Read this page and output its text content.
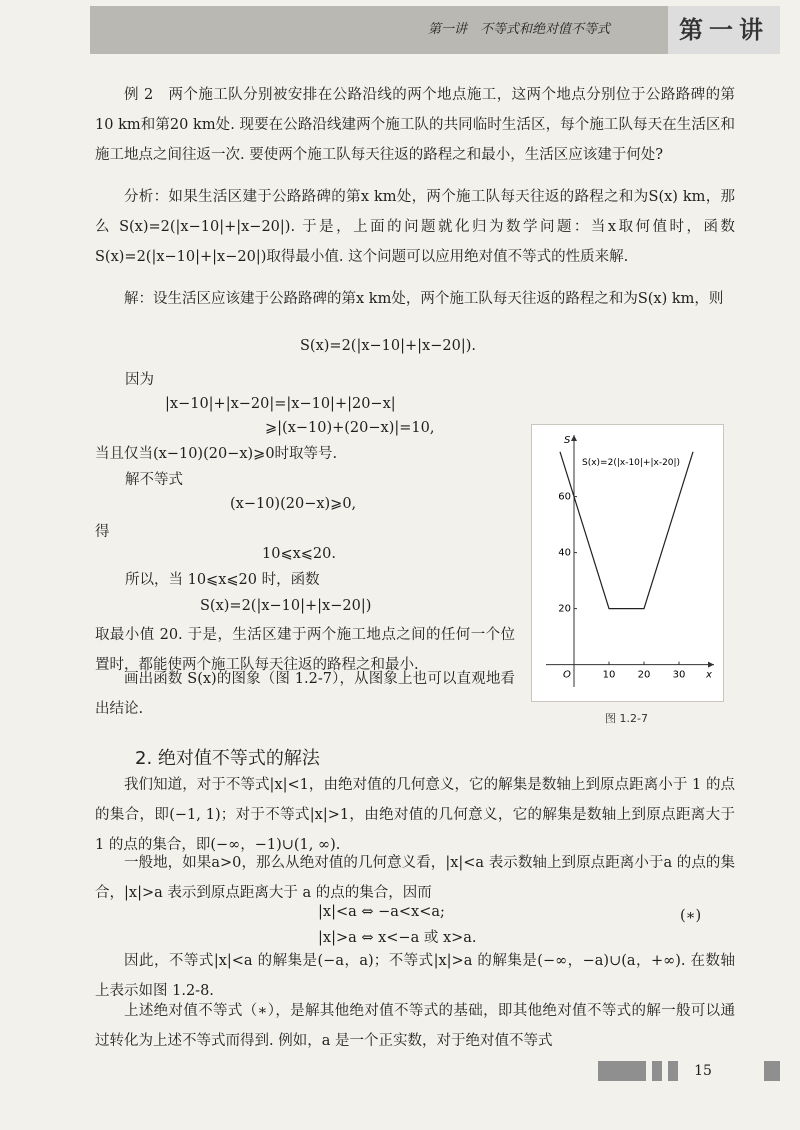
第一讲　不等式和绝对值不等式	第一讲

例 2　两个施工队分别被安排在公路沿线的两个地点施工，这两个地点分别位于公路路碑的第10 km和第20 km处. 现要在公路沿线建两个施工队的共同临时生活区，每个施工队每天在生活区和施工地点之间往返一次. 要使两个施工队每天往返的路程之和最小，生活区应该建于何处?

分析：如果生活区建于公路路碑的第x km处，两个施工队每天往返的路程之和为S(x) km，那么 S(x)=2(|x−10|+|x−20|). 于是，上面的问题就化归为数学问题：当x取何值时，函数 S(x)=2(|x−10|+|x−20|)取得最小值. 这个问题可以应用绝对值不等式的性质来解.

解：设生活区应该建于公路路碑的第x km处，两个施工队每天往返的路程之和为S(x) km，则

S(x)=2(|x−10|+|x−20|).
因为
|x−10|+|x−20|=|x−10|+|20−x|
⩾|(x−10)+(20−x)|=10,
当且仅当(x−10)(20−x)⩾0时取等号.
解不等式
(x−10)(20−x)⩾0,
得
10⩽x⩽20.
所以，当 10⩽x⩽20 时，函数
S(x)=2(|x−10|+|x−20|)

取最小值 20. 于是，生活区建于两个施工地点之间的任何一个位置时，都能使两个施工队每天往返的路程之和最小.

画出函数 S(x)的图象（图 1.2-7），从图象上也可以直观地看出结论.

x
S
O
S(x)=2(|x-10|+|x-20|)
10 20 30
20
40
60
图 1.2-7
2. 绝对值不等式的解法

我们知道，对于不等式|x|<1，由绝对值的几何意义，它的解集是数轴上到原点距离小于 1 的点的集合，即(−1, 1)；对于不等式|x|>1，由绝对值的几何意义，它的解集是数轴上到原点距离大于 1 的点的集合，即(−∞，−1)∪(1, ∞).

一般地，如果a>0，那么从绝对值的几何意义看，|x|<a 表示数轴上到原点距离小于a 的点的集合，|x|>a 表示到原点距离大于 a 的点的集合，因而

|x|<a ⇔ −a<x<a;
|x|>a ⇔ x<−a 或 x>a.
(∗)

因此，不等式|x|<a 的解集是(−a，a)；不等式|x|>a 的解集是(−∞，−a)∪(a，+∞). 在数轴上表示如图 1.2-8.

上述绝对值不等式（∗），是解其他绝对值不等式的基础，即其他绝对值不等式的解一般可以通过转化为上述不等式而得到. 例如，a 是一个正实数，对于绝对值不等式

15
